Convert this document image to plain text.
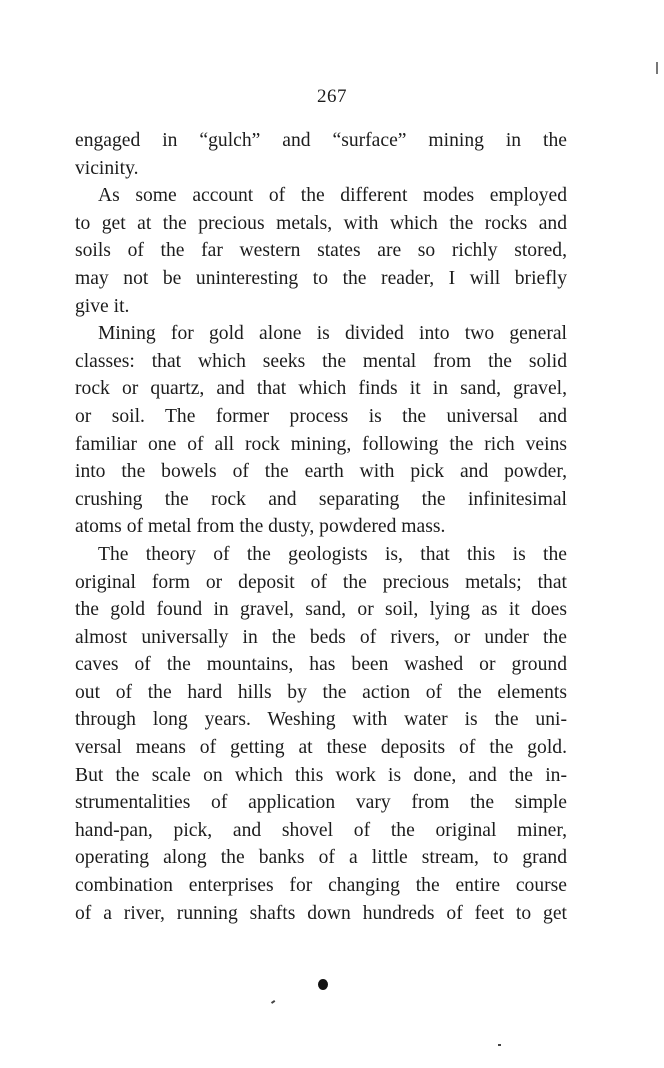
267
engaged in “gulch” and “surface” mining in the
vicinity.
As some account of the different modes employed
to get at the precious metals, with which the rocks and
soils of the far western states are so richly stored,
may not be uninteresting to the reader, I will briefly
give it.
Mining for gold alone is divided into two general
classes: that which seeks the mental from the solid
rock or quartz, and that which finds it in sand, gravel,
or soil. The former process is the universal and
familiar one of all rock mining, following the rich veins
into the bowels of the earth with pick and powder,
crushing the rock and separating the infinitesimal
atoms of metal from the dusty, powdered mass.
The theory of the geologists is, that this is the
original form or deposit of the precious metals; that
the gold found in gravel, sand, or soil, lying as it does
almost universally in the beds of rivers, or under the
caves of the mountains, has been washed or ground
out of the hard hills by the action of the elements
through long years. Weshing with water is the uni-
versal means of getting at these deposits of the gold.
But the scale on which this work is done, and the in-
strumentalities of application vary from the simple
hand-pan, pick, and shovel of the original miner,
operating along the banks of a little stream, to grand
combination enterprises for changing the entire course
of a river, running shafts down hundreds of feet to get
